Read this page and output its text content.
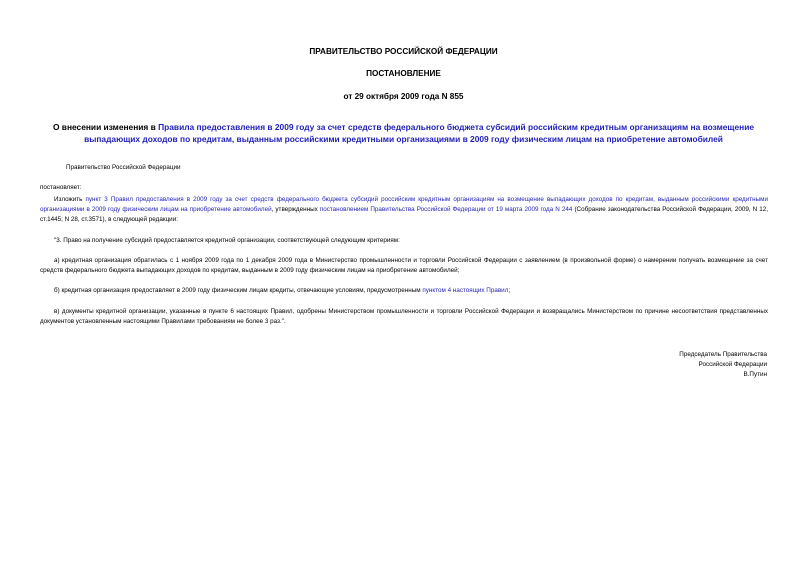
ПРАВИТЕЛЬСТВО РОССИЙСКОЙ ФЕДЕРАЦИИ
ПОСТАНОВЛЕНИЕ
от 29 октября 2009 года N 855
О внесении изменения в Правила предоставления в 2009 году за счет средств федерального бюджета субсидий российским кредитным организациям на возмещение выпадающих доходов по кредитам, выданным российскими кредитными организациями в 2009 году физическим лицам на приобретение автомобилей
Правительство Российской Федерации
постановляет:
Изложить пункт 3 Правил предоставления в 2009 году за счет средств федерального бюджета субсидий российским кредитным организациям на возмещение выпадающих доходов по кредитам, выданным российскими кредитными организациями в 2009 году физическим лицам на приобретение автомобилей, утвержденных постановлением Правительства Российской Федерации от 19 марта 2009 года N 244 (Собрание законодательства Российской Федерации, 2009, N 12, ст.1445; N 28, ст.3571), в следующей редакции:
"3. Право на получение субсидий предоставляется кредитной организации, соответствующей следующим критериям:
а) кредитная организация обратилась с 1 ноября 2009 года по 1 декабря 2009 года в Министерство промышленности и торговли Российской Федерации с заявлением (в произвольной форме) о намерении получать возмещение за счет средств федерального бюджета выпадающих доходов по кредитам, выданным в 2009 году физическим лицам на приобретение автомобилей;
б) кредитная организация предоставляет в 2009 году физическим лицам кредиты, отвечающие условиям, предусмотренным пунктом 4 настоящих Правил;
в) документы кредитной организации, указанные в пункте 6 настоящих Правил, одобрены Министерством промышленности и торговли Российской Федерации и возвращались Министерством по причине несоответствия представленных документов установленным настоящими Правилами требованиям не более 3 раз.".
Председатель Правительства
Российской Федерации
В.Путин
